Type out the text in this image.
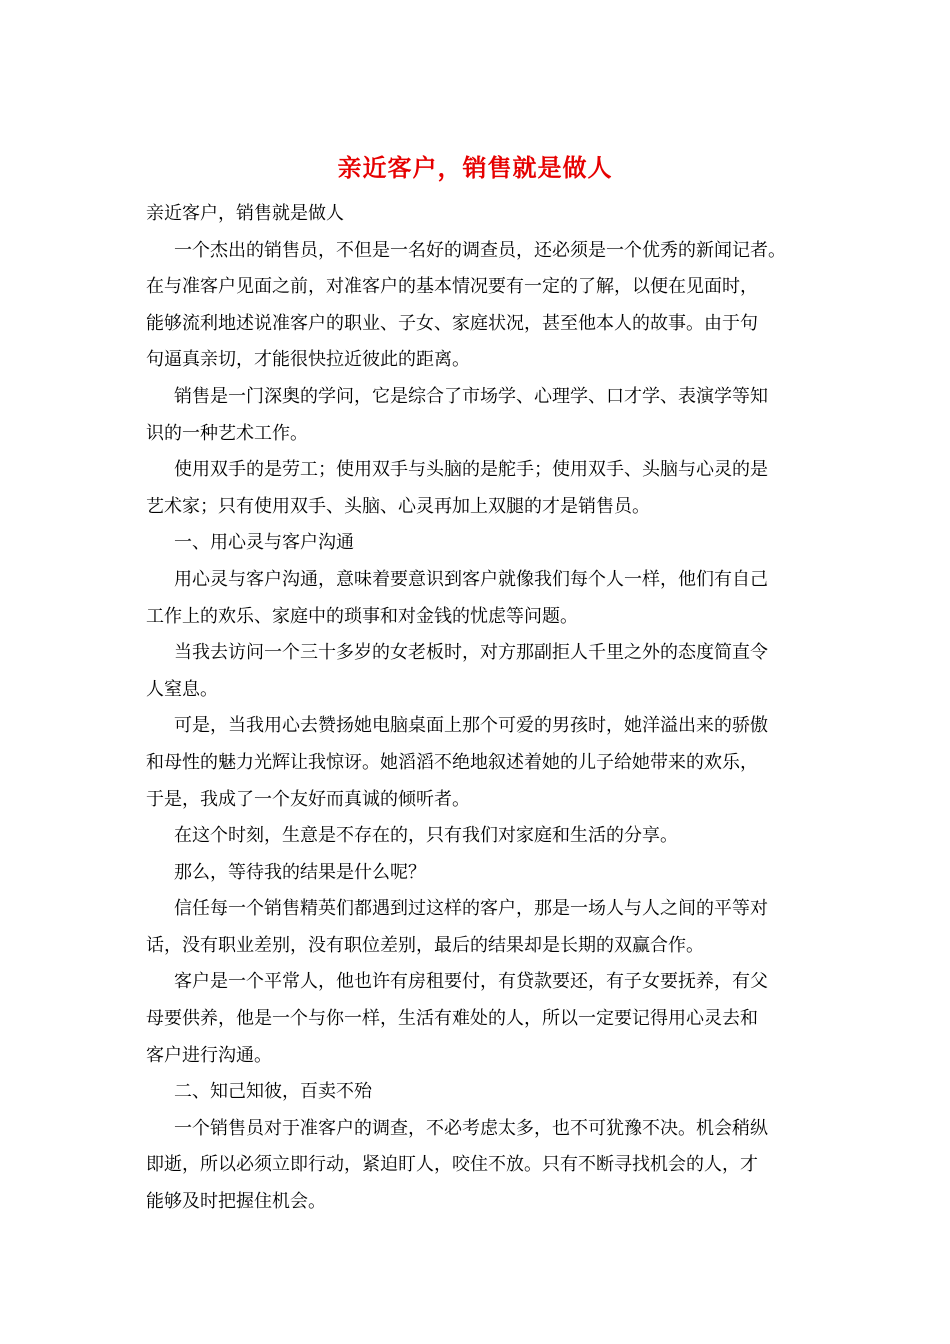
亲近客户，销售就是做人
亲近客户，销售就是做人
一个杰出的销售员，不但是一名好的调查员，还必须是一个优秀的新闻记者。
在与准客户见面之前，对准客户的基本情况要有一定的了解，以便在见面时，
能够流利地述说准客户的职业、子女、家庭状况，甚至他本人的故事。由于句
句逼真亲切，才能很快拉近彼此的距离。
销售是一门深奥的学问，它是综合了市场学、心理学、口才学、表演学等知
识的一种艺术工作。
使用双手的是劳工；使用双手与头脑的是舵手；使用双手、头脑与心灵的是
艺术家；只有使用双手、头脑、心灵再加上双腿的才是销售员。
一、用心灵与客户沟通
用心灵与客户沟通，意味着要意识到客户就像我们每个人一样，他们有自己
工作上的欢乐、家庭中的琐事和对金钱的忧虑等问题。
当我去访问一个三十多岁的女老板时，对方那副拒人千里之外的态度简直令
人窒息。
可是，当我用心去赞扬她电脑桌面上那个可爱的男孩时，她洋溢出来的骄傲
和母性的魅力光辉让我惊讶。她滔滔不绝地叙述着她的儿子给她带来的欢乐，
于是，我成了一个友好而真诚的倾听者。
在这个时刻，生意是不存在的，只有我们对家庭和生活的分享。
那么，等待我的结果是什么呢？
信任每一个销售精英们都遇到过这样的客户，那是一场人与人之间的平等对
话，没有职业差别，没有职位差别，最后的结果却是长期的双赢合作。
客户是一个平常人，他也许有房租要付，有贷款要还，有子女要抚养，有父
母要供养，他是一个与你一样，生活有难处的人，所以一定要记得用心灵去和
客户进行沟通。
二、知己知彼，百卖不殆
一个销售员对于准客户的调查，不必考虑太多，也不可犹豫不决。机会稍纵
即逝，所以必须立即行动，紧迫盯人，咬住不放。只有不断寻找机会的人，才
能够及时把握住机会。
